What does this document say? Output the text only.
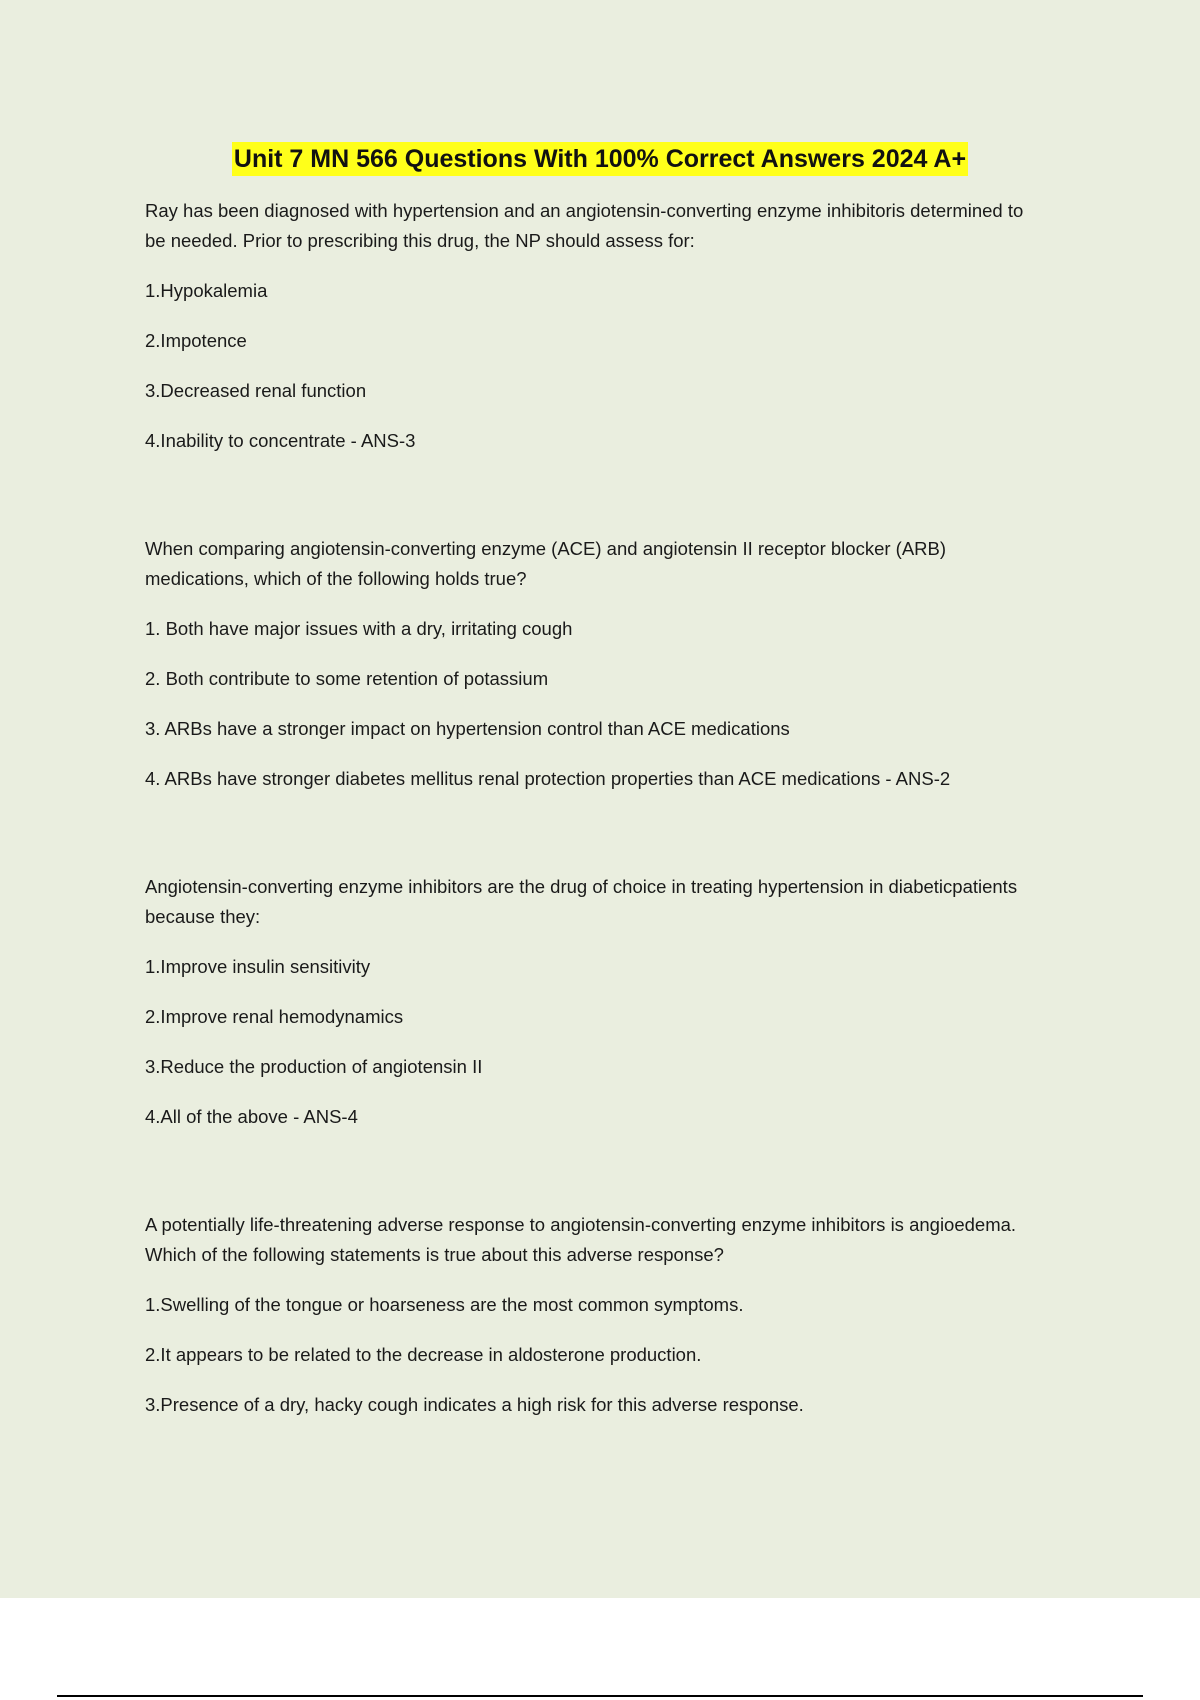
Unit 7 MN 566 Questions With 100% Correct Answers 2024 A+

Ray has been diagnosed with hypertension and an angiotensin-converting enzyme inhibitoris determined to be needed. Prior to prescribing this drug, the NP should assess for:

1.Hypokalemia

2.Impotence

3.Decreased renal function

4.Inability to concentrate - ANS-3

When comparing angiotensin-converting enzyme (ACE) and angiotensin II receptor blocker (ARB) medications, which of the following holds true?

1. Both have major issues with a dry, irritating cough

2. Both contribute to some retention of potassium

3. ARBs have a stronger impact on hypertension control than ACE medications

4. ARBs have stronger diabetes mellitus renal protection properties than ACE medications - ANS-2

Angiotensin-converting enzyme inhibitors are the drug of choice in treating hypertension in diabeticpatients because they:

1.Improve insulin sensitivity

2.Improve renal hemodynamics

3.Reduce the production of angiotensin II

4.All of the above - ANS-4

A potentially life-threatening adverse response to angiotensin-converting enzyme inhibitors is angioedema. Which of the following statements is true about this adverse response?

1.Swelling of the tongue or hoarseness are the most common symptoms.

2.It appears to be related to the decrease in aldosterone production.

3.Presence of a dry, hacky cough indicates a high risk for this adverse response.
